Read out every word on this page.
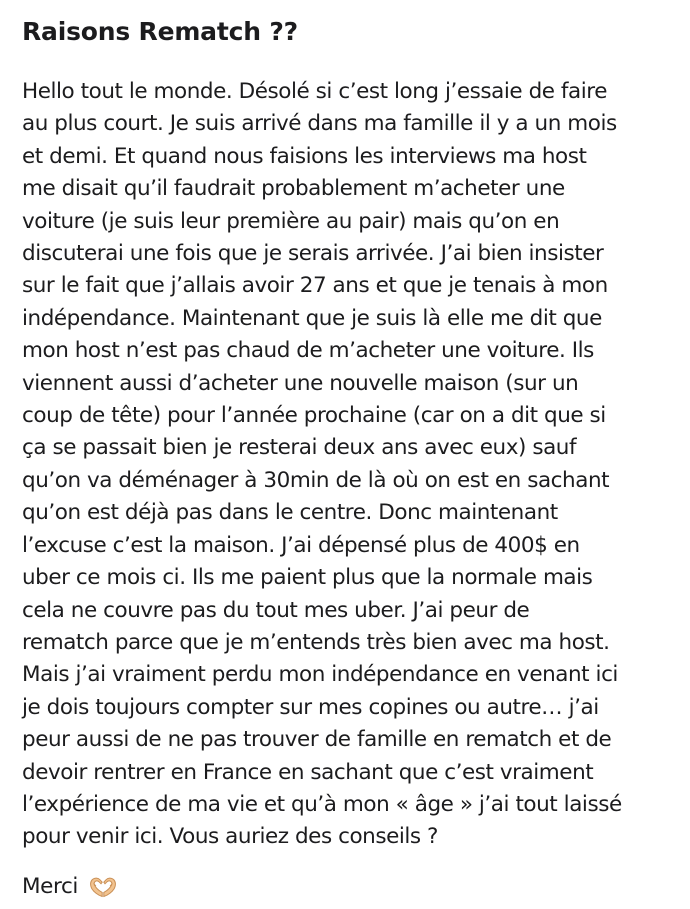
Raisons Rematch ??
Hello tout le monde. Désolé si c’est long j’essaie de faire
au plus court. Je suis arrivé dans ma famille il y a un mois
et demi. Et quand nous faisions les interviews ma host
me disait qu’il faudrait probablement m’acheter une
voiture (je suis leur première au pair) mais qu’on en
discuterai une fois que je serais arrivée. J’ai bien insister
sur le fait que j’allais avoir 27 ans et que je tenais à mon
indépendance. Maintenant que je suis là elle me dit que
mon host n’est pas chaud de m’acheter une voiture. Ils
viennent aussi d’acheter une nouvelle maison (sur un
coup de tête) pour l’année prochaine (car on a dit que si
ça se passait bien je resterai deux ans avec eux) sauf
qu’on va déménager à 30min de là où on est en sachant
qu’on est déjà pas dans le centre. Donc maintenant
l’excuse c’est la maison. J’ai dépensé plus de 400$ en
uber ce mois ci. Ils me paient plus que la normale mais
cela ne couvre pas du tout mes uber. J’ai peur de
rematch parce que je m’entends très bien avec ma host.
Mais j’ai vraiment perdu mon indépendance en venant ici
je dois toujours compter sur mes copines ou autre… j’ai
peur aussi de ne pas trouver de famille en rematch et de
devoir rentrer en France en sachant que c’est vraiment
l’expérience de ma vie et qu’à mon « âge » j’ai tout laissé
pour venir ici. Vous auriez des conseils ?
Merci
